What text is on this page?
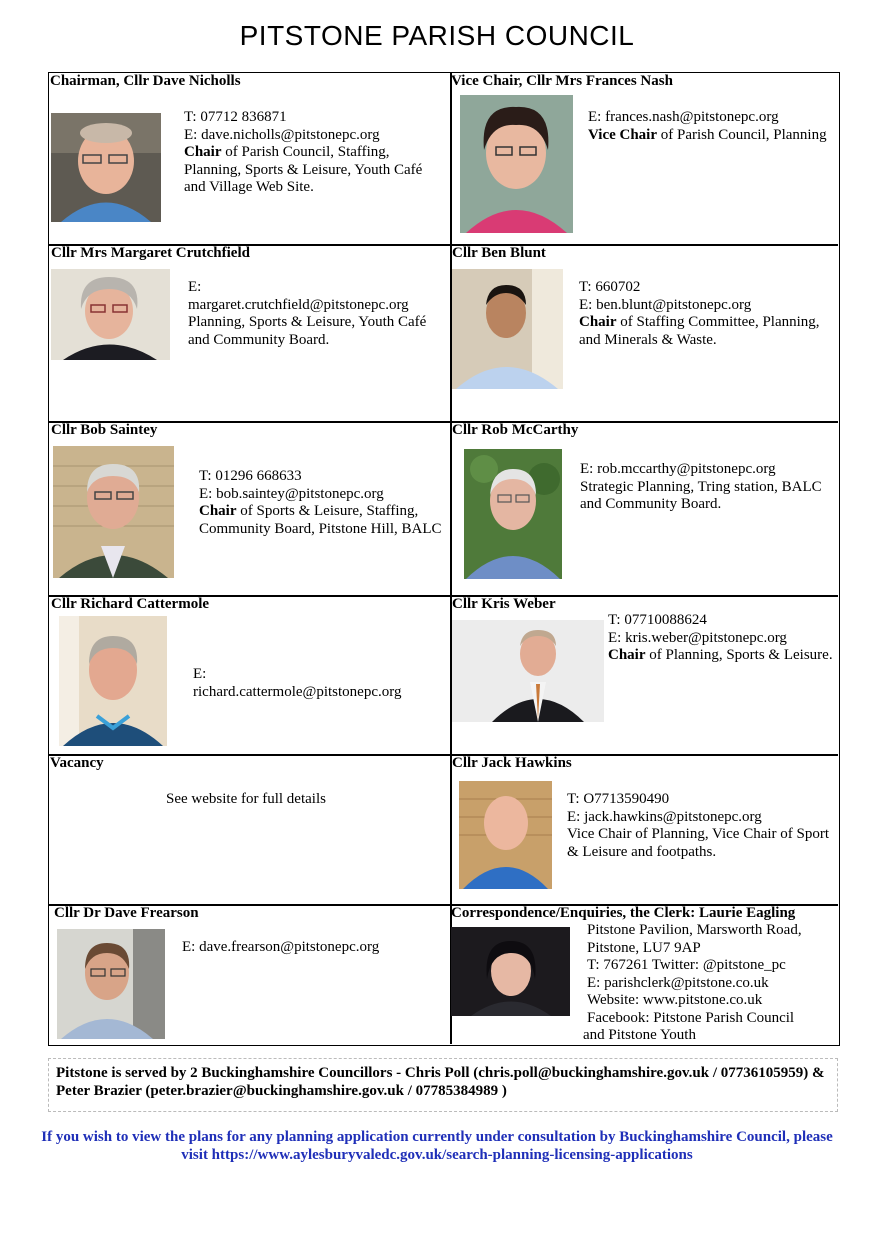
PITSTONE PARISH COUNCIL
Chairman, Cllr Dave Nicholls
T: 07712 836871
E: dave.nicholls@pitstonepc.org
Chair of Parish Council, Staffing, Planning, Sports & Leisure, Youth Café and Village Web Site.
Vice Chair, Cllr Mrs Frances Nash
E: frances.nash@pitstonepc.org
Vice Chair of Parish Council, Planning
Cllr Mrs Margaret Crutchfield
E:
margaret.crutchfield@pitstonepc.org
Planning, Sports & Leisure, Youth Café and Community Board.
Cllr Ben Blunt
T: 660702
E: ben.blunt@pitstonepc.org
Chair of Staffing Committee, Planning, and Minerals & Waste.
Cllr Bob Saintey
T: 01296 668633
E: bob.saintey@pitstonepc.org
Chair of Sports & Leisure, Staffing, Community Board, Pitstone Hill, BALC
Cllr Rob McCarthy
E: rob.mccarthy@pitstonepc.org
Strategic Planning, Tring station, BALC and Community Board.
Cllr Richard Cattermole
E:
richard.cattermole@pitstonepc.org
Cllr Kris Weber
T: 07710088624
E: kris.weber@pitstonepc.org
Chair of Planning, Sports & Leisure.
Vacancy
See website for full details
Cllr Jack Hawkins
T: O7713590490
E: jack.hawkins@pitstonepc.org
Vice Chair of Planning, Vice Chair of Sport & Leisure and footpaths.
Cllr Dr Dave Frearson
E: dave.frearson@pitstonepc.org
Correspondence/Enquiries, the Clerk: Laurie Eagling
Pitstone Pavilion, Marsworth Road,
Pitstone, LU7 9AP
T: 767261 Twitter: @pitstone_pc
E: parishclerk@pitstone.co.uk
Website: www.pitstone.co.uk
Facebook: Pitstone Parish Council
and Pitstone Youth
Pitstone is served by 2 Buckinghamshire Councillors - Chris Poll (chris.poll@buckinghamshire.gov.uk / 07736105959) & Peter Brazier (peter.brazier@buckinghamshire.gov.uk / 07785384989 )
If you wish to view the plans for any planning application currently under consultation by Buckinghamshire Council, please visit https://www.aylesburyvaledc.gov.uk/search-planning-licensing-applications
